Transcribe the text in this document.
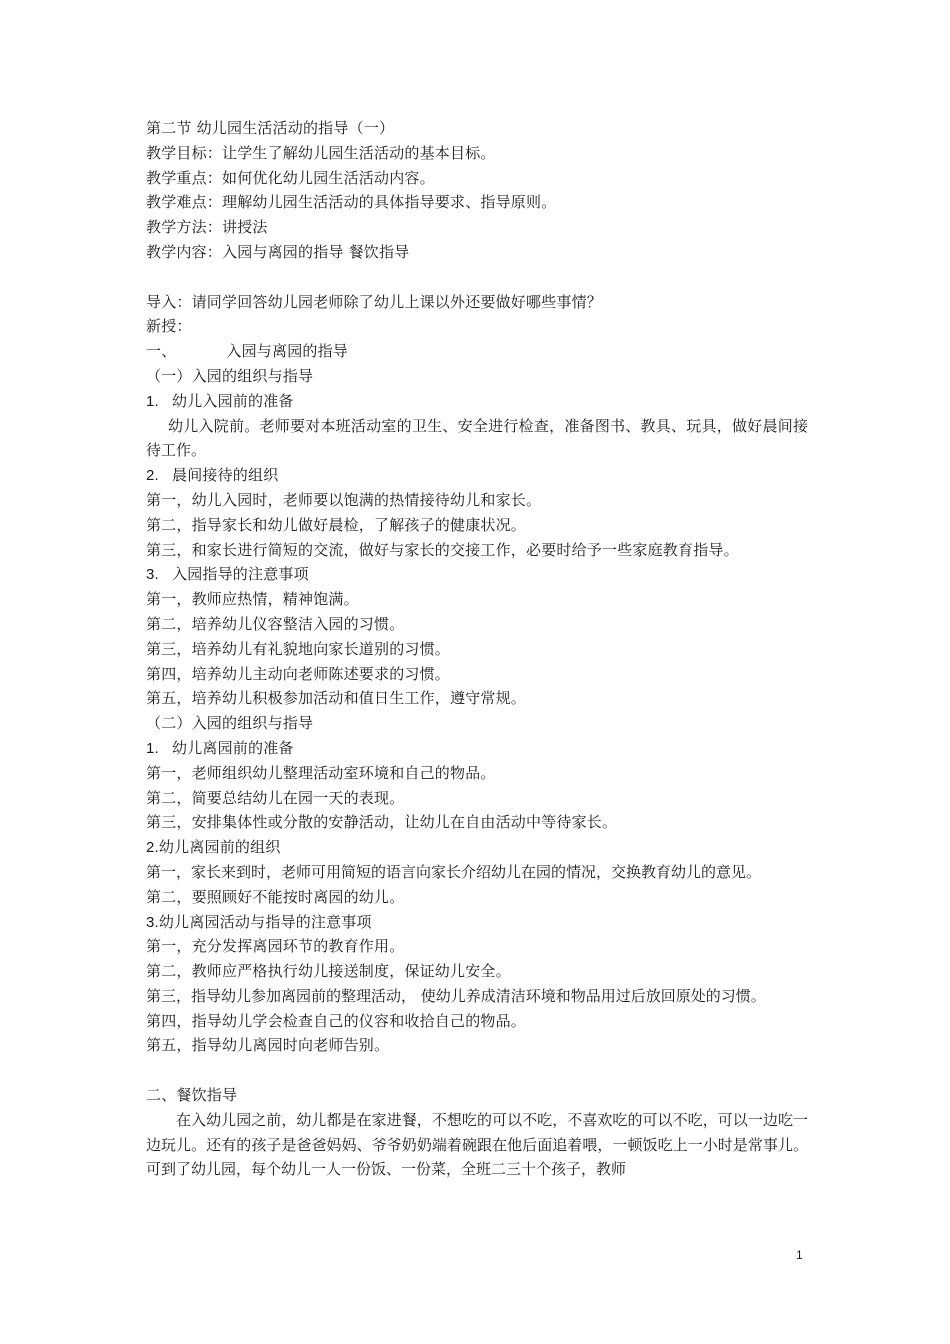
第二节 幼儿园生活活动的指导（一）
教学目标：让学生了解幼儿园生活活动的基本目标。
教学重点：如何优化幼儿园生活活动内容。
教学难点：理解幼儿园生活活动的具体指导要求、指导原则。
教学方法：讲授法
教学内容：入园与离园的指导 餐饮指导
导入：请同学回答幼儿园老师除了幼儿上课以外还要做好哪些事情？
新授：
一、	入园与离园的指导
（一）入园的组织与指导
1. 幼儿入园前的准备
幼儿入院前。老师要对本班活动室的卫生、安全进行检查，准备图书、教具、玩具，做好晨间接待工作。
2. 晨间接待的组织
第一，幼儿入园时，老师要以饱满的热情接待幼儿和家长。
第二，指导家长和幼儿做好晨检，了解孩子的健康状况。
第三，和家长进行简短的交流，做好与家长的交接工作，必要时给予一些家庭教育指导。
3. 入园指导的注意事项
第一，教师应热情，精神饱满。
第二，培养幼儿仪容整洁入园的习惯。
第三，培养幼儿有礼貌地向家长道别的习惯。
第四，培养幼儿主动向老师陈述要求的习惯。
第五，培养幼儿积极参加活动和值日生工作，遵守常规。
（二）入园的组织与指导
1. 幼儿离园前的准备
第一，老师组织幼儿整理活动室环境和自己的物品。
第二，简要总结幼儿在园一天的表现。
第三，安排集体性或分散的安静活动，让幼儿在自由活动中等待家长。
2.幼儿离园前的组织
第一，家长来到时，老师可用简短的语言向家长介绍幼儿在园的情况，交换教育幼儿的意见。
第二，要照顾好不能按时离园的幼儿。
3.幼儿离园活动与指导的注意事项
第一，充分发挥离园环节的教育作用。
第二，教师应严格执行幼儿接送制度，保证幼儿安全。
第三，指导幼儿参加离园前的整理活动， 使幼儿养成清洁环境和物品用过后放回原处的习惯。
第四，指导幼儿学会检查自己的仪容和收拾自己的物品。
第五，指导幼儿离园时向老师告别。
二、餐饮指导
在入幼儿园之前，幼儿都是在家进餐，不想吃的可以不吃，不喜欢吃的可以不吃，可以一边吃一边玩儿。还有的孩子是爸爸妈妈、爷爷奶奶端着碗跟在他后面追着喂，一顿饭吃上一小时是常事儿。可到了幼儿园，每个幼儿一人一份饭、一份菜，全班二三十个孩子，教师
1
